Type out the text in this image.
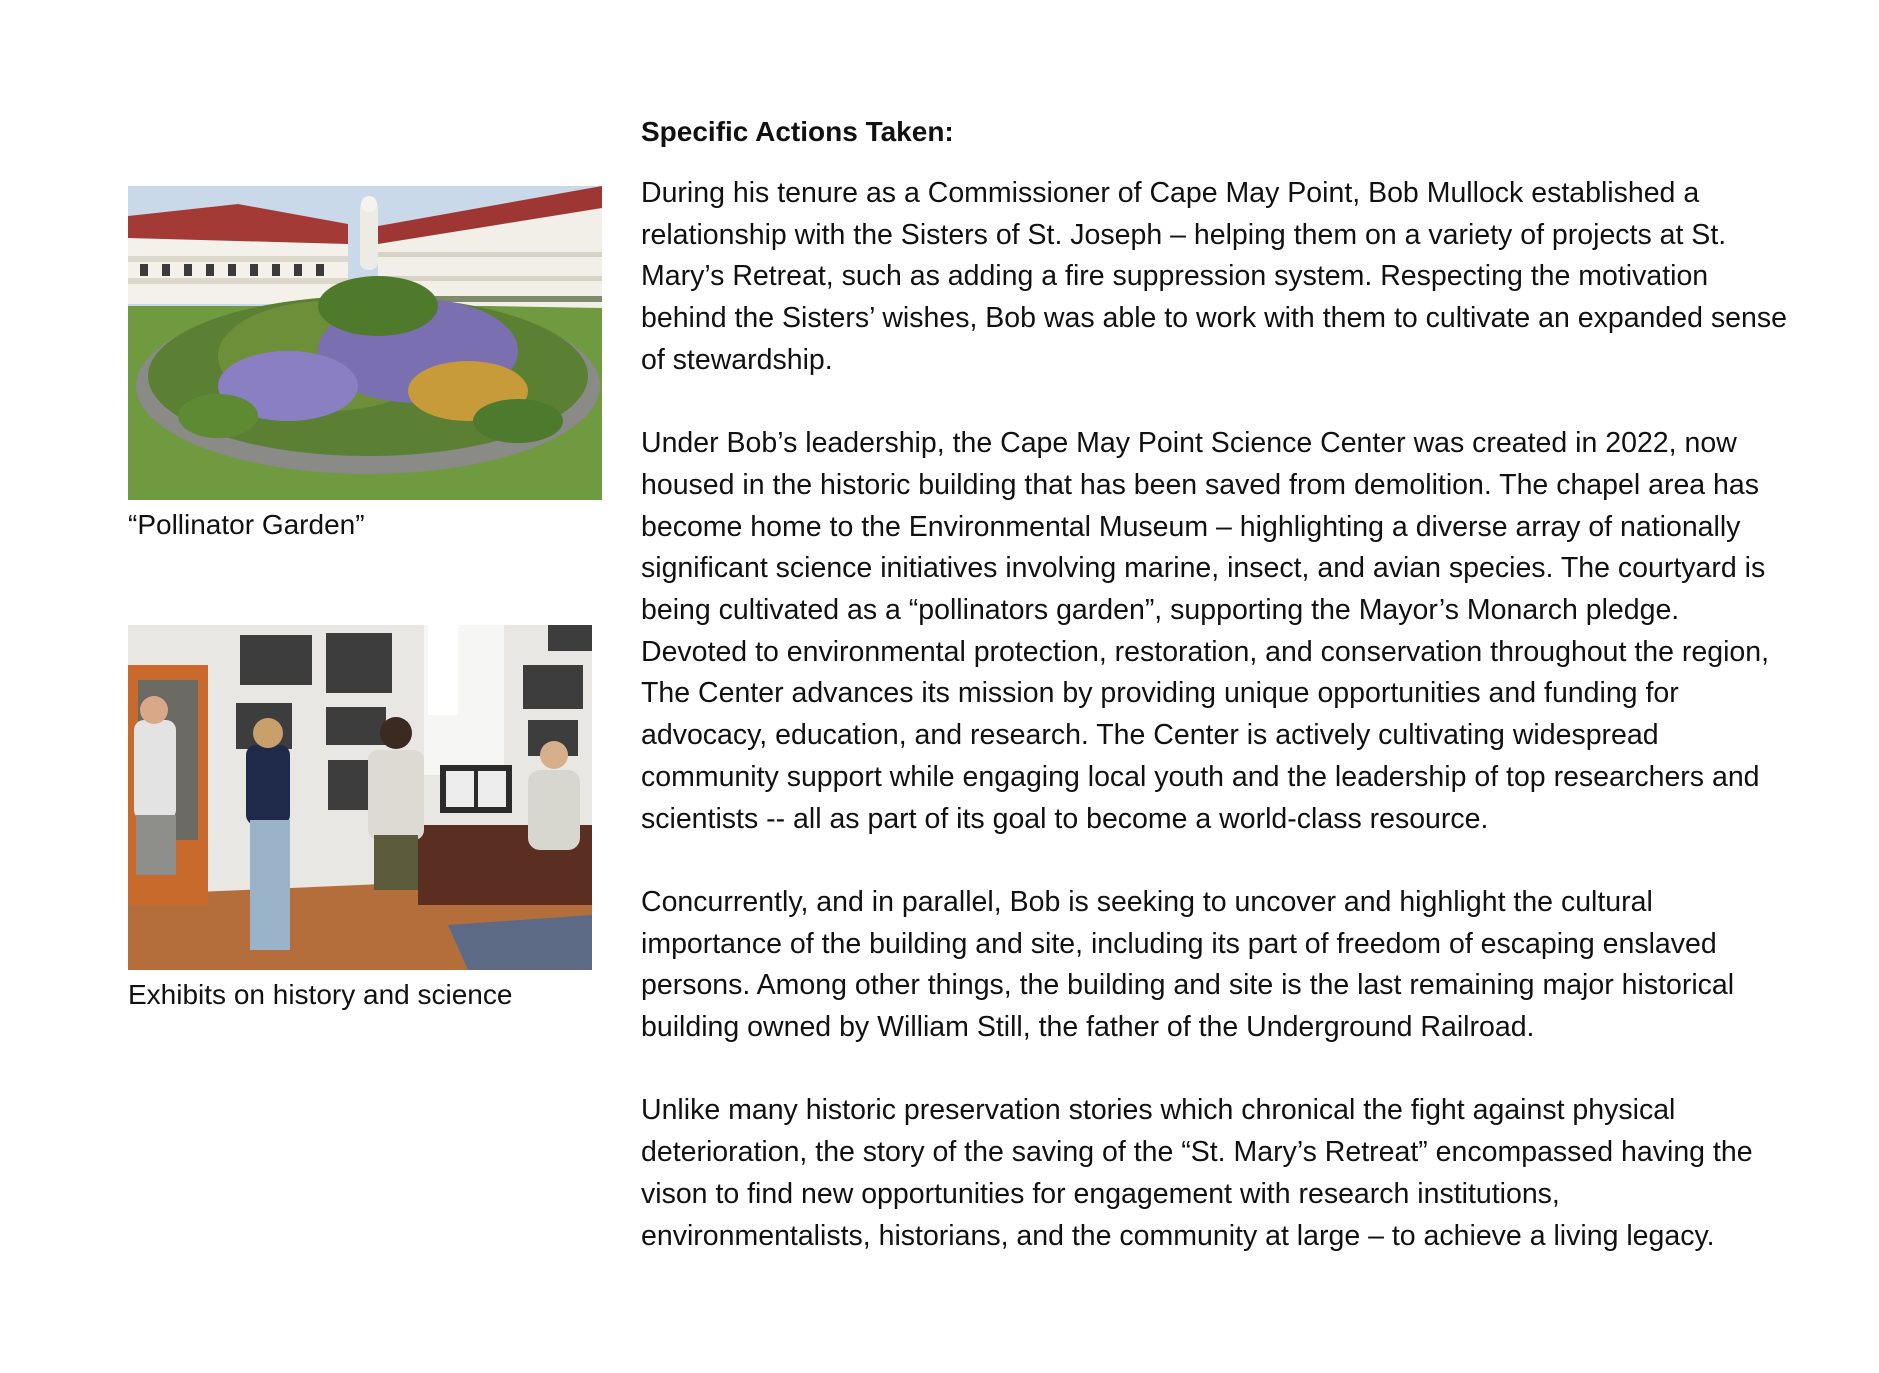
“Pollinator Garden”
Exhibits on history and science
Specific Actions Taken:

During his tenure as a Commissioner of Cape May Point, Bob Mullock established a relationship with the Sisters of St. Joseph – helping them on a variety of projects at St. Mary’s Retreat, such as adding a fire suppression system. Respecting the motivation behind the Sisters’ wishes, Bob was able to work with them to cultivate an expanded sense of stewardship.

Under Bob’s leadership, the Cape May Point Science Center was created in 2022, now housed in the historic building that has been saved from demolition. The chapel area has become home to the Environmental Museum – highlighting a diverse array of nationally significant science initiatives involving marine, insect, and avian species. The courtyard is being cultivated as a “pollinators garden”, supporting the Mayor’s Monarch pledge. Devoted to environmental protection, restoration, and conservation throughout the region, The Center advances its mission by providing unique opportunities and funding for advocacy, education, and research. The Center is actively cultivating widespread community support while engaging local youth and the leadership of top researchers and scientists -- all as part of its goal to become a world-class resource.

Concurrently, and in parallel, Bob is seeking to uncover and highlight the cultural importance of the building and site, including its part of freedom of escaping enslaved persons. Among other things, the building and site is the last remaining major historical building owned by William Still, the father of the Underground Railroad.

Unlike many historic preservation stories which chronical the fight against physical deterioration, the story of the saving of the “St. Mary’s Retreat” encompassed having the vison to find new opportunities for engagement with research institutions, environmentalists, historians, and the community at large – to achieve a living legacy.
